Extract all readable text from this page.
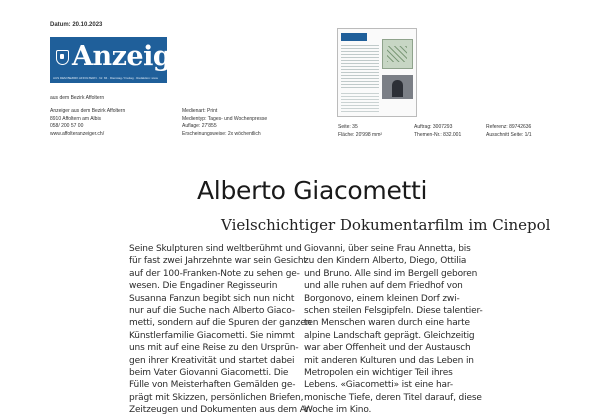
Datum: 20.10.2023
Anzeiger
AUS DEM BEZIRK AFFOLTERN · Nr. 84 · Dienstag / Freitag · Redaktion: www
aus dem Bezirk Affoltern
Anzeiger aus dem Bezirk Affoltern
8910 Affoltern am Albis
058/ 200 57 00
www.affolteranzeiger.ch/
Medienart: Print
Medientyp: Tages- und Wochenpresse
Auflage: 27'855
Erscheinungsweise: 2x wöchentlich
Seite: 35
Fläche: 20'998 mm²
Auftrag: 3007293
Themen-Nr.: 832.001
Referenz: 89742636
Ausschnitt Seite: 1/1
Alberto Giacometti
Vielschichtiger Dokumentarfilm im Cinepol
Seine Skulpturen sind weltberühmt und
für fast zwei Jahrzehnte war sein Gesicht
auf der 100-Franken-Note zu sehen ge-
wesen. Die Engadiner Regisseurin
Susanna Fanzun begibt sich nun nicht
nur auf die Suche nach Alberto Giaco-
metti, sondern auf die Spuren der ganzen
Künstlerfamilie Giacometti. Sie nimmt
uns mit auf eine Reise zu den Ursprün-
gen ihrer Kreativität und startet dabei
beim Vater Giovanni Giacometti. Die
Fülle von Meisterhaften Gemälden ge-
prägt mit Skizzen, persönlichen Briefen,
Zeitzeugen und Dokumenten aus dem Ar-
Giovanni, über seine Frau Annetta, bis
zu den Kindern Alberto, Diego, Ottilia
und Bruno. Alle sind im Bergell geboren
und alle ruhen auf dem Friedhof von
Borgonovo, einem kleinen Dorf zwi-
schen steilen Felsgipfeln. Diese talentier-
ten Menschen waren durch eine harte
alpine Landschaft geprägt. Gleichzeitig
war aber Offenheit und der Austausch
mit anderen Kulturen und das Leben in
Metropolen ein wichtiger Teil ihres
Lebens. «Giacometti» ist eine har-
monische Tiefe, deren Titel darauf, diese
Woche im Kino.
